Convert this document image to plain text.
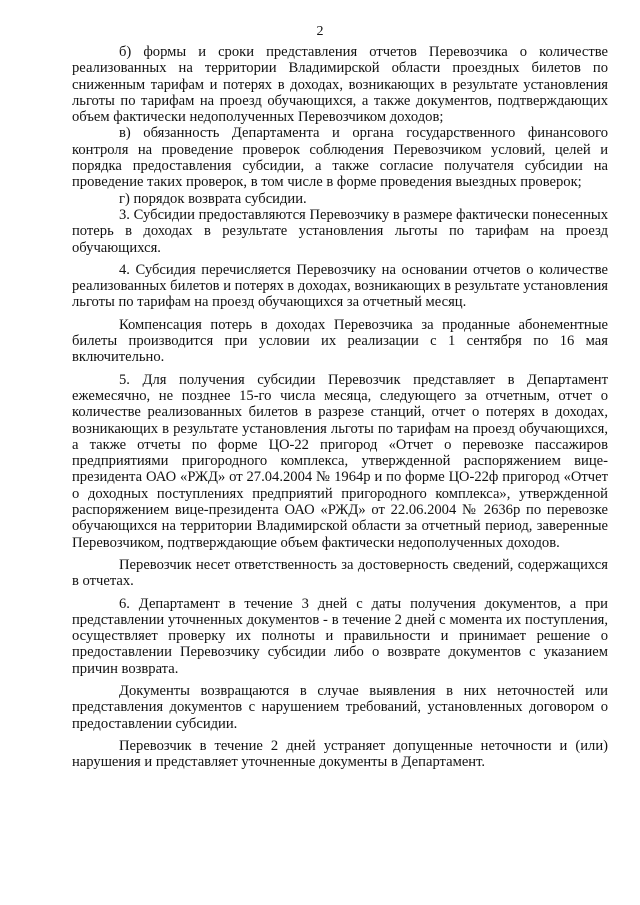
2

б) формы и сроки представления отчетов Перевозчика о количестве реализованных на территории Владимирской области проездных билетов по сниженным тарифам и потерях в доходах, возникающих в результате установления льготы по тарифам на проезд обучающихся, а также документов, подтверждающих объем фактически недополученных Перевозчиком доходов;

в) обязанность Департамента и органа государственного финансового контроля на проведение проверок соблюдения Перевозчиком условий, целей и порядка предоставления субсидии, а также согласие получателя субсидии на проведение таких проверок, в том числе в форме проведения выездных проверок;

г) порядок возврата субсидии.

3. Субсидии предоставляются Перевозчику в размере фактически понесенных потерь в доходах в результате установления льготы по тарифам на проезд обучающихся.

4. Субсидия перечисляется Перевозчику на основании отчетов о количестве реализованных билетов и потерях в доходах, возникающих в результате установления льготы по тарифам на проезд обучающихся за отчетный месяц.

Компенсация потерь в доходах Перевозчика за проданные абонементные билеты производится при условии их реализации с 1 сентября по 16 мая включительно.

5. Для получения субсидии Перевозчик представляет в Департамент ежемесячно, не позднее 15-го числа месяца, следующего за отчетным, отчет о количестве реализованных билетов в разрезе станций, отчет о потерях в доходах, возникающих в результате установления льготы по тарифам на проезд обучающихся, а также отчеты по форме ЦО-22 пригород «Отчет о перевозке пассажиров предприятиями пригородного комплекса, утвержденной распоряжением вице-президента ОАО «РЖД» от 27.04.2004 № 1964р и по форме ЦО-22ф пригород «Отчет о доходных поступлениях предприятий пригородного комплекса», утвержденной распоряжением вице-президента ОАО «РЖД» от 22.06.2004 № 2636р по перевозке обучающихся на территории Владимирской области за отчетный период, заверенные Перевозчиком, подтверждающие объем фактически недополученных доходов.

Перевозчик несет ответственность за достоверность сведений, содержащихся в отчетах.

6. Департамент в течение 3 дней с даты получения документов, а при представлении уточненных документов - в течение 2 дней с момента их поступления, осуществляет проверку их полноты и правильности и принимает решение о предоставлении Перевозчику субсидии либо о возврате документов с указанием причин возврата.

Документы возвращаются в случае выявления в них неточностей или представления документов с нарушением требований, установленных договором о предоставлении субсидии.

Перевозчик в течение 2 дней устраняет допущенные неточности и (или) нарушения и представляет уточненные документы в Департамент.
